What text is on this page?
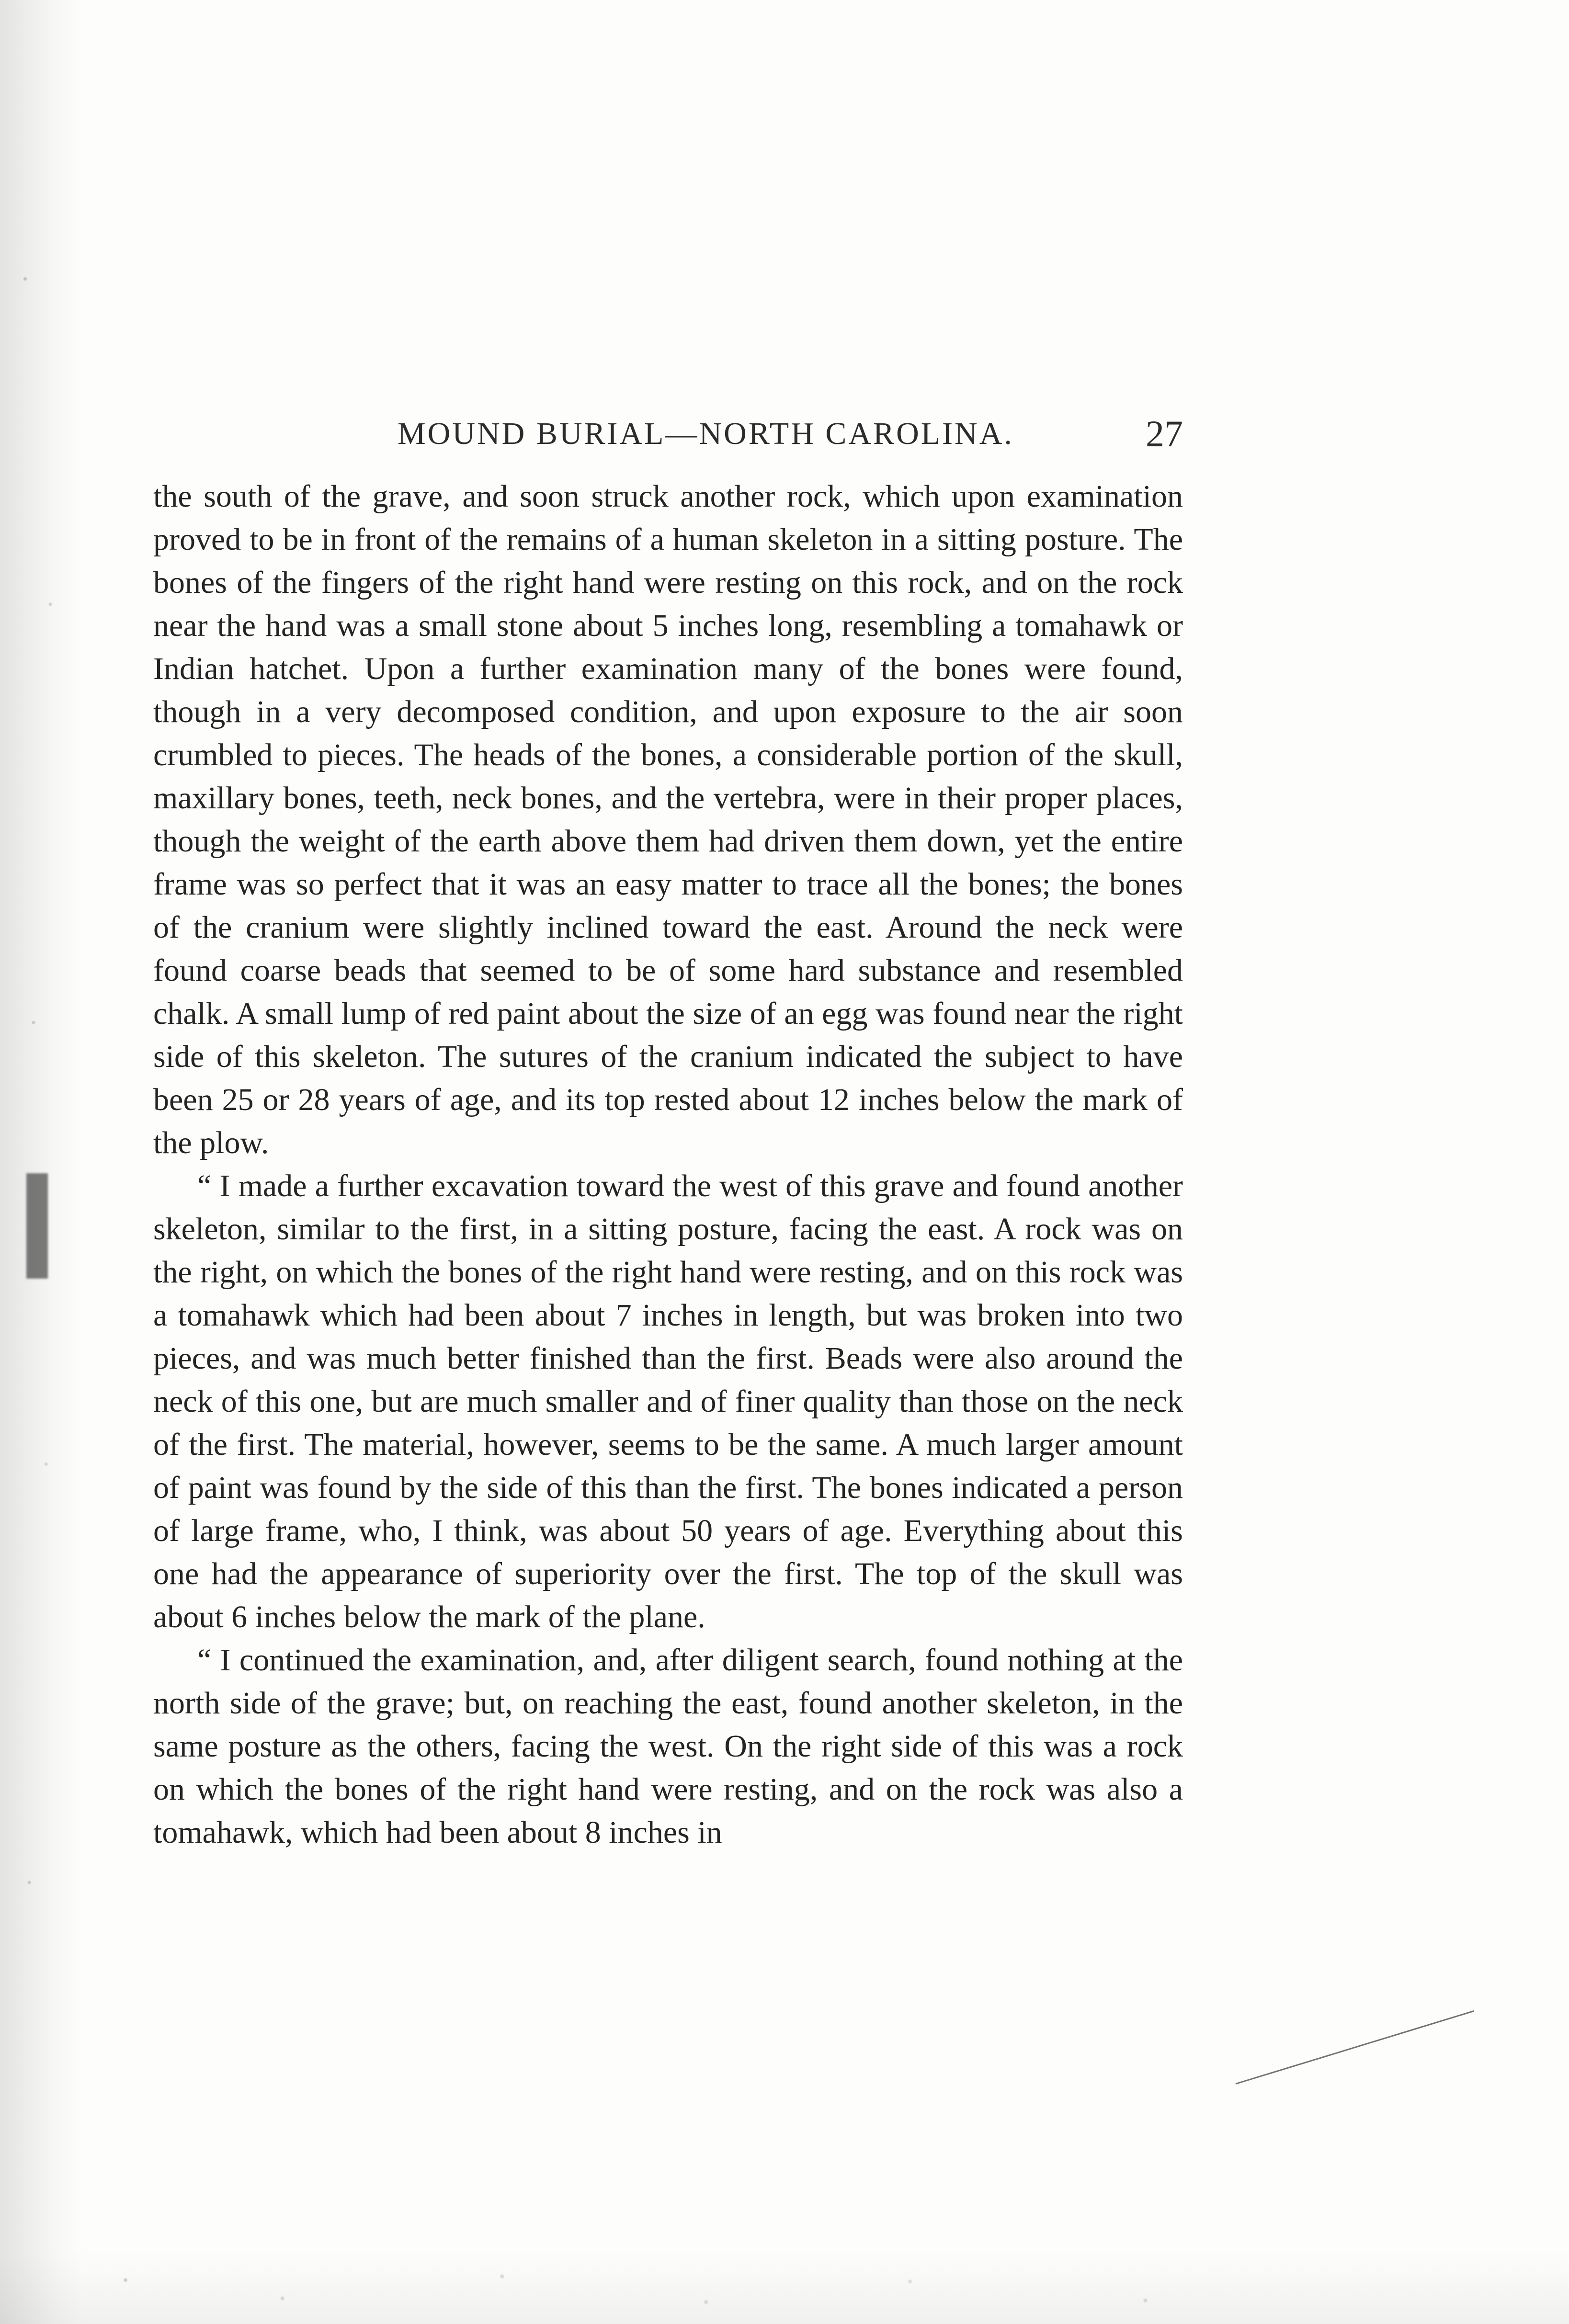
MOUND BURIAL—NORTH CAROLINA.	27

the south of the grave, and soon struck another rock, which upon examination proved to be in front of the remains of a human skeleton in a sitting posture. The bones of the fingers of the right hand were resting on this rock, and on the rock near the hand was a small stone about 5 inches long, resembling a tomahawk or Indian hatchet. Upon a further examination many of the bones were found, though in a very decomposed condition, and upon exposure to the air soon crumbled to pieces. The heads of the bones, a considerable portion of the skull, maxillary bones, teeth, neck bones, and the vertebra, were in their proper places, though the weight of the earth above them had driven them down, yet the entire frame was so perfect that it was an easy matter to trace all the bones; the bones of the cranium were slightly inclined toward the east. Around the neck were found coarse beads that seemed to be of some hard substance and resembled chalk. A small lump of red paint about the size of an egg was found near the right side of this skeleton. The sutures of the cranium indicated the subject to have been 25 or 28 years of age, and its top rested about 12 inches below the mark of the plow.

“ I made a further excavation toward the west of this grave and found another skeleton, similar to the first, in a sitting posture, facing the east. A rock was on the right, on which the bones of the right hand were resting, and on this rock was a tomahawk which had been about 7 inches in length, but was broken into two pieces, and was much better finished than the first. Beads were also around the neck of this one, but are much smaller and of finer quality than those on the neck of the first. The material, however, seems to be the same. A much larger amount of paint was found by the side of this than the first. The bones indicated a person of large frame, who, I think, was about 50 years of age. Everything about this one had the appearance of superiority over the first. The top of the skull was about 6 inches below the mark of the plane.

“ I continued the examination, and, after diligent search, found nothing at the north side of the grave; but, on reaching the east, found another skeleton, in the same posture as the others, facing the west. On the right side of this was a rock on which the bones of the right hand were resting, and on the rock was also a tomahawk, which had been about 8 inches in
